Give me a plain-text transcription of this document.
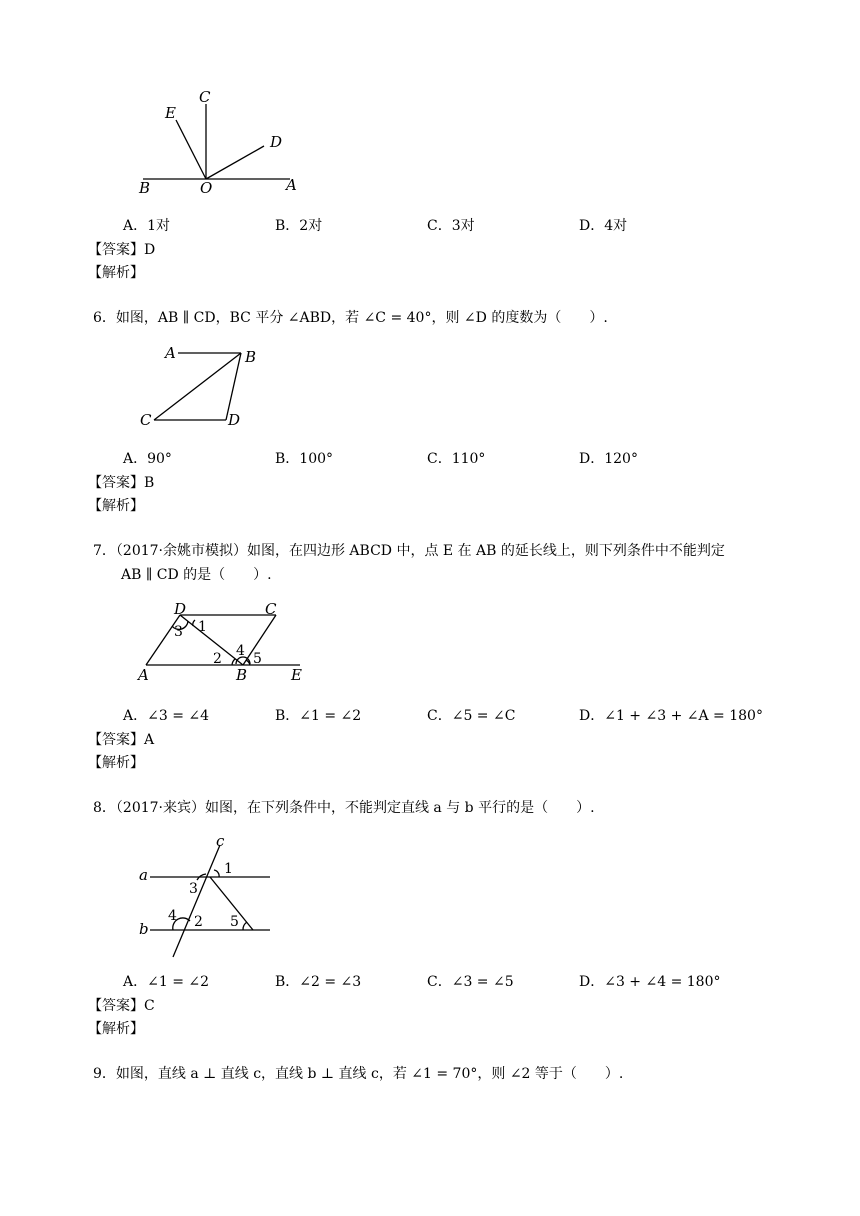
C
E
D
B	O	A
A．1对	B．2对	C．3对	D．4对
【答案】D
【解析】
6．如图，AB ∥ CD，BC 平分 ∠ABD，若 ∠C = 40°，则 ∠D 的度数为（　　）.
A	B
C	D
A．90°	B．100°	C．110°	D．120°
【答案】B
【解析】
7．（2017·余姚市模拟）如图，在四边形 ABCD 中，点 E 在 AB 的延长线上，则下列条件中不能判定
AB ∥ CD 的是（　　）.
D	C
A	B	E
1
3
2 4 5
A．∠3 = ∠4	B．∠1 = ∠2	C．∠5 = ∠C	D．∠1 + ∠3 + ∠A = 180°
【答案】A
【解析】
8．（2017·来宾）如图，在下列条件中，不能判定直线 a 与 b 平行的是（　　）.
c
a
b
1
3
4 2 5
A．∠1 = ∠2	B．∠2 = ∠3	C．∠3 = ∠5	D．∠3 + ∠4 = 180°
【答案】C
【解析】
9．如图，直线 a ⊥ 直线 c，直线 b ⊥ 直线 c，若 ∠1 = 70°，则 ∠2 等于（　　）.
